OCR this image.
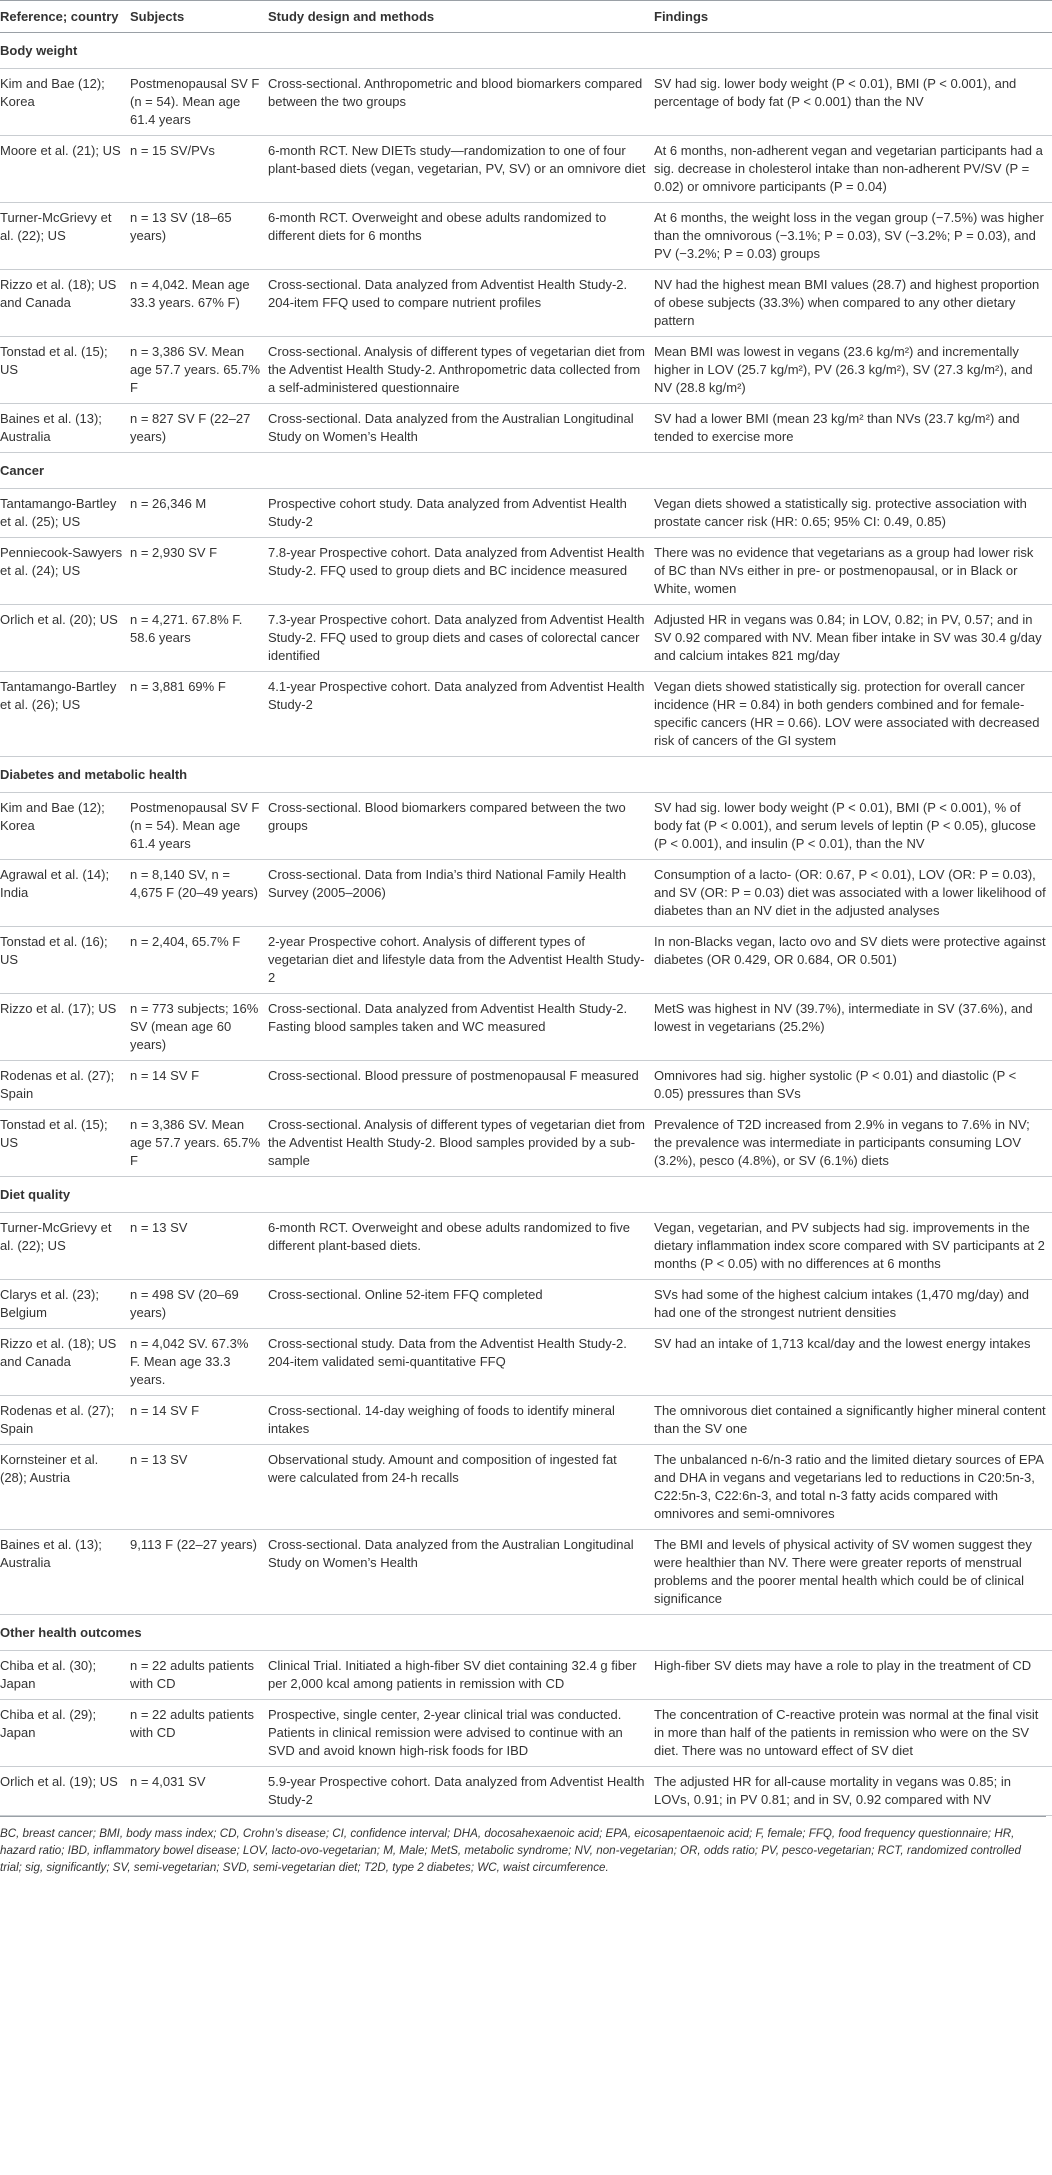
Reference; country	Subjects	Study design and methods	Findings
Body weight			
Kim and Bae (12); Korea	Postmenopausal SV F (n = 54). Mean age 61.4 years	Cross-sectional. Anthropometric and blood biomarkers compared between the two groups	SV had sig. lower body weight (P < 0.01), BMI (P < 0.001), and percentage of body fat (P < 0.001) than the NV
Moore et al. (21); US	n = 15 SV/PVs	6-month RCT. New DIETs study—randomization to one of four plant-based diets (vegan, vegetarian, PV, SV) or an omnivore diet	At 6 months, non-adherent vegan and vegetarian participants had a sig. decrease in cholesterol intake than non-adherent PV/SV (P = 0.02) or omnivore participants (P = 0.04)
Turner-McGrievy et al. (22); US	n = 13 SV (18–65 years)	6-month RCT. Overweight and obese adults randomized to different diets for 6 months	At 6 months, the weight loss in the vegan group (−7.5%) was higher than the omnivorous (−3.1%; P = 0.03), SV (−3.2%; P = 0.03), and PV (−3.2%; P = 0.03) groups
Rizzo et al. (18); US and Canada	n = 4,042. Mean age 33.3 years. 67% F)	Cross-sectional. Data analyzed from Adventist Health Study-2. 204-item FFQ used to compare nutrient profiles	NV had the highest mean BMI values (28.7) and highest proportion of obese subjects (33.3%) when compared to any other dietary pattern
Tonstad et al. (15); US	n = 3,386 SV. Mean age 57.7 years. 65.7% F	Cross-sectional. Analysis of different types of vegetarian diet from the Adventist Health Study-2. Anthropometric data collected from a self-administered questionnaire	Mean BMI was lowest in vegans (23.6 kg/m²) and incrementally higher in LOV (25.7 kg/m²), PV (26.3 kg/m²), SV (27.3 kg/m²), and NV (28.8 kg/m²)
Baines et al. (13); Australia	n = 827 SV F (22–27 years)	Cross-sectional. Data analyzed from the Australian Longitudinal Study on Women’s Health	SV had a lower BMI (mean 23 kg/m² than NVs (23.7 kg/m²) and tended to exercise more
Cancer			
Tantamango-Bartley et al. (25); US	n = 26,346 M	Prospective cohort study. Data analyzed from Adventist Health Study-2	Vegan diets showed a statistically sig. protective association with prostate cancer risk (HR: 0.65; 95% CI: 0.49, 0.85)
Penniecook-Sawyers et al. (24); US	n = 2,930 SV F	7.8-year Prospective cohort. Data analyzed from Adventist Health Study-2. FFQ used to group diets and BC incidence measured	There was no evidence that vegetarians as a group had lower risk of BC than NVs either in pre- or postmenopausal, or in Black or White, women
Orlich et al. (20); US	n = 4,271. 67.8% F. 58.6 years	7.3-year Prospective cohort. Data analyzed from Adventist Health Study-2. FFQ used to group diets and cases of colorectal cancer identified	Adjusted HR in vegans was 0.84; in LOV, 0.82; in PV, 0.57; and in SV 0.92 compared with NV. Mean fiber intake in SV was 30.4 g/day and calcium intakes 821 mg/day
Tantamango-Bartley et al. (26); US	n = 3,881 69% F	4.1-year Prospective cohort. Data analyzed from Adventist Health Study-2	Vegan diets showed statistically sig. protection for overall cancer incidence (HR = 0.84) in both genders combined and for female-specific cancers (HR = 0.66). LOV were associated with decreased risk of cancers of the GI system
Diabetes and metabolic health			
Kim and Bae (12); Korea	Postmenopausal SV F (n = 54). Mean age 61.4 years	Cross-sectional. Blood biomarkers compared between the two groups	SV had sig. lower body weight (P < 0.01), BMI (P < 0.001), % of body fat (P < 0.001), and serum levels of leptin (P < 0.05), glucose (P < 0.001), and insulin (P < 0.01), than the NV
Agrawal et al. (14); India	n = 8,140 SV, n = 4,675 F (20–49 years)	Cross-sectional. Data from India’s third National Family Health Survey (2005–2006)	Consumption of a lacto- (OR: 0.67, P < 0.01), LOV (OR: P = 0.03), and SV (OR: P = 0.03) diet was associated with a lower likelihood of diabetes than an NV diet in the adjusted analyses
Tonstad et al. (16); US	n = 2,404, 65.7% F	2-year Prospective cohort. Analysis of different types of vegetarian diet and lifestyle data from the Adventist Health Study-2	In non-Blacks vegan, lacto ovo and SV diets were protective against diabetes (OR 0.429, OR 0.684, OR 0.501)
Rizzo et al. (17); US	n = 773 subjects; 16% SV (mean age 60 years)	Cross-sectional. Data analyzed from Adventist Health Study-2. Fasting blood samples taken and WC measured	MetS was highest in NV (39.7%), intermediate in SV (37.6%), and lowest in vegetarians (25.2%)
Rodenas et al. (27); Spain	n = 14 SV F	Cross-sectional. Blood pressure of postmenopausal F measured	Omnivores had sig. higher systolic (P < 0.01) and diastolic (P < 0.05) pressures than SVs
Tonstad et al. (15); US	n = 3,386 SV. Mean age 57.7 years. 65.7% F	Cross-sectional. Analysis of different types of vegetarian diet from the Adventist Health Study-2. Blood samples provided by a sub-sample	Prevalence of T2D increased from 2.9% in vegans to 7.6% in NV; the prevalence was intermediate in participants consuming LOV (3.2%), pesco (4.8%), or SV (6.1%) diets
Diet quality			
Turner-McGrievy et al. (22); US	n = 13 SV	6-month RCT. Overweight and obese adults randomized to five different plant-based diets.	Vegan, vegetarian, and PV subjects had sig. improvements in the dietary inflammation index score compared with SV participants at 2 months (P < 0.05) with no differences at 6 months
Clarys et al. (23); Belgium	n = 498 SV (20–69 years)	Cross-sectional. Online 52-item FFQ completed	SVs had some of the highest calcium intakes (1,470 mg/day) and had one of the strongest nutrient densities
Rizzo et al. (18); US and Canada	n = 4,042 SV. 67.3% F. Mean age 33.3 years.	Cross-sectional study. Data from the Adventist Health Study-2. 204-item validated semi-quantitative FFQ	SV had an intake of 1,713 kcal/day and the lowest energy intakes
Rodenas et al. (27); Spain	n = 14 SV F	Cross-sectional. 14-day weighing of foods to identify mineral intakes	The omnivorous diet contained a significantly higher mineral content than the SV one
Kornsteiner et al. (28); Austria	n = 13 SV	Observational study. Amount and composition of ingested fat were calculated from 24-h recalls	The unbalanced n-6/n-3 ratio and the limited dietary sources of EPA and DHA in vegans and vegetarians led to reductions in C20:5n-3, C22:5n-3, C22:6n-3, and total n-3 fatty acids compared with omnivores and semi-omnivores
Baines et al. (13); Australia	9,113 F (22–27 years)	Cross-sectional. Data analyzed from the Australian Longitudinal Study on Women’s Health	The BMI and levels of physical activity of SV women suggest they were healthier than NV. There were greater reports of menstrual problems and the poorer mental health which could be of clinical significance
Other health outcomes			
Chiba et al. (30); Japan	n = 22 adults patients with CD	Clinical Trial. Initiated a high-fiber SV diet containing 32.4 g fiber per 2,000 kcal among patients in remission with CD	High-fiber SV diets may have a role to play in the treatment of CD
Chiba et al. (29); Japan	n = 22 adults patients with CD	Prospective, single center, 2-year clinical trial was conducted. Patients in clinical remission were advised to continue with an SVD and avoid known high-risk foods for IBD	The concentration of C-reactive protein was normal at the final visit in more than half of the patients in remission who were on the SV diet. There was no untoward effect of SV diet
Orlich et al. (19); US	n = 4,031 SV	5.9-year Prospective cohort. Data analyzed from Adventist Health Study-2	The adjusted HR for all-cause mortality in vegans was 0.85; in LOVs, 0.91; in PV 0.81; and in SV, 0.92 compared with NV
BC, breast cancer; BMI, body mass index; CD, Crohn’s disease; CI, confidence interval; DHA, docosahexaenoic acid; EPA, eicosapentaenoic acid; F, female; FFQ, food frequency questionnaire; HR, hazard ratio; IBD, inflammatory bowel disease; LOV, lacto-ovo-vegetarian; M, Male; MetS, metabolic syndrome; NV, non-vegetarian; OR, odds ratio; PV, pesco-vegetarian; RCT, randomized controlled trial; sig, significantly; SV, semi-vegetarian; SVD, semi-vegetarian diet; T2D, type 2 diabetes; WC, waist circumference.
